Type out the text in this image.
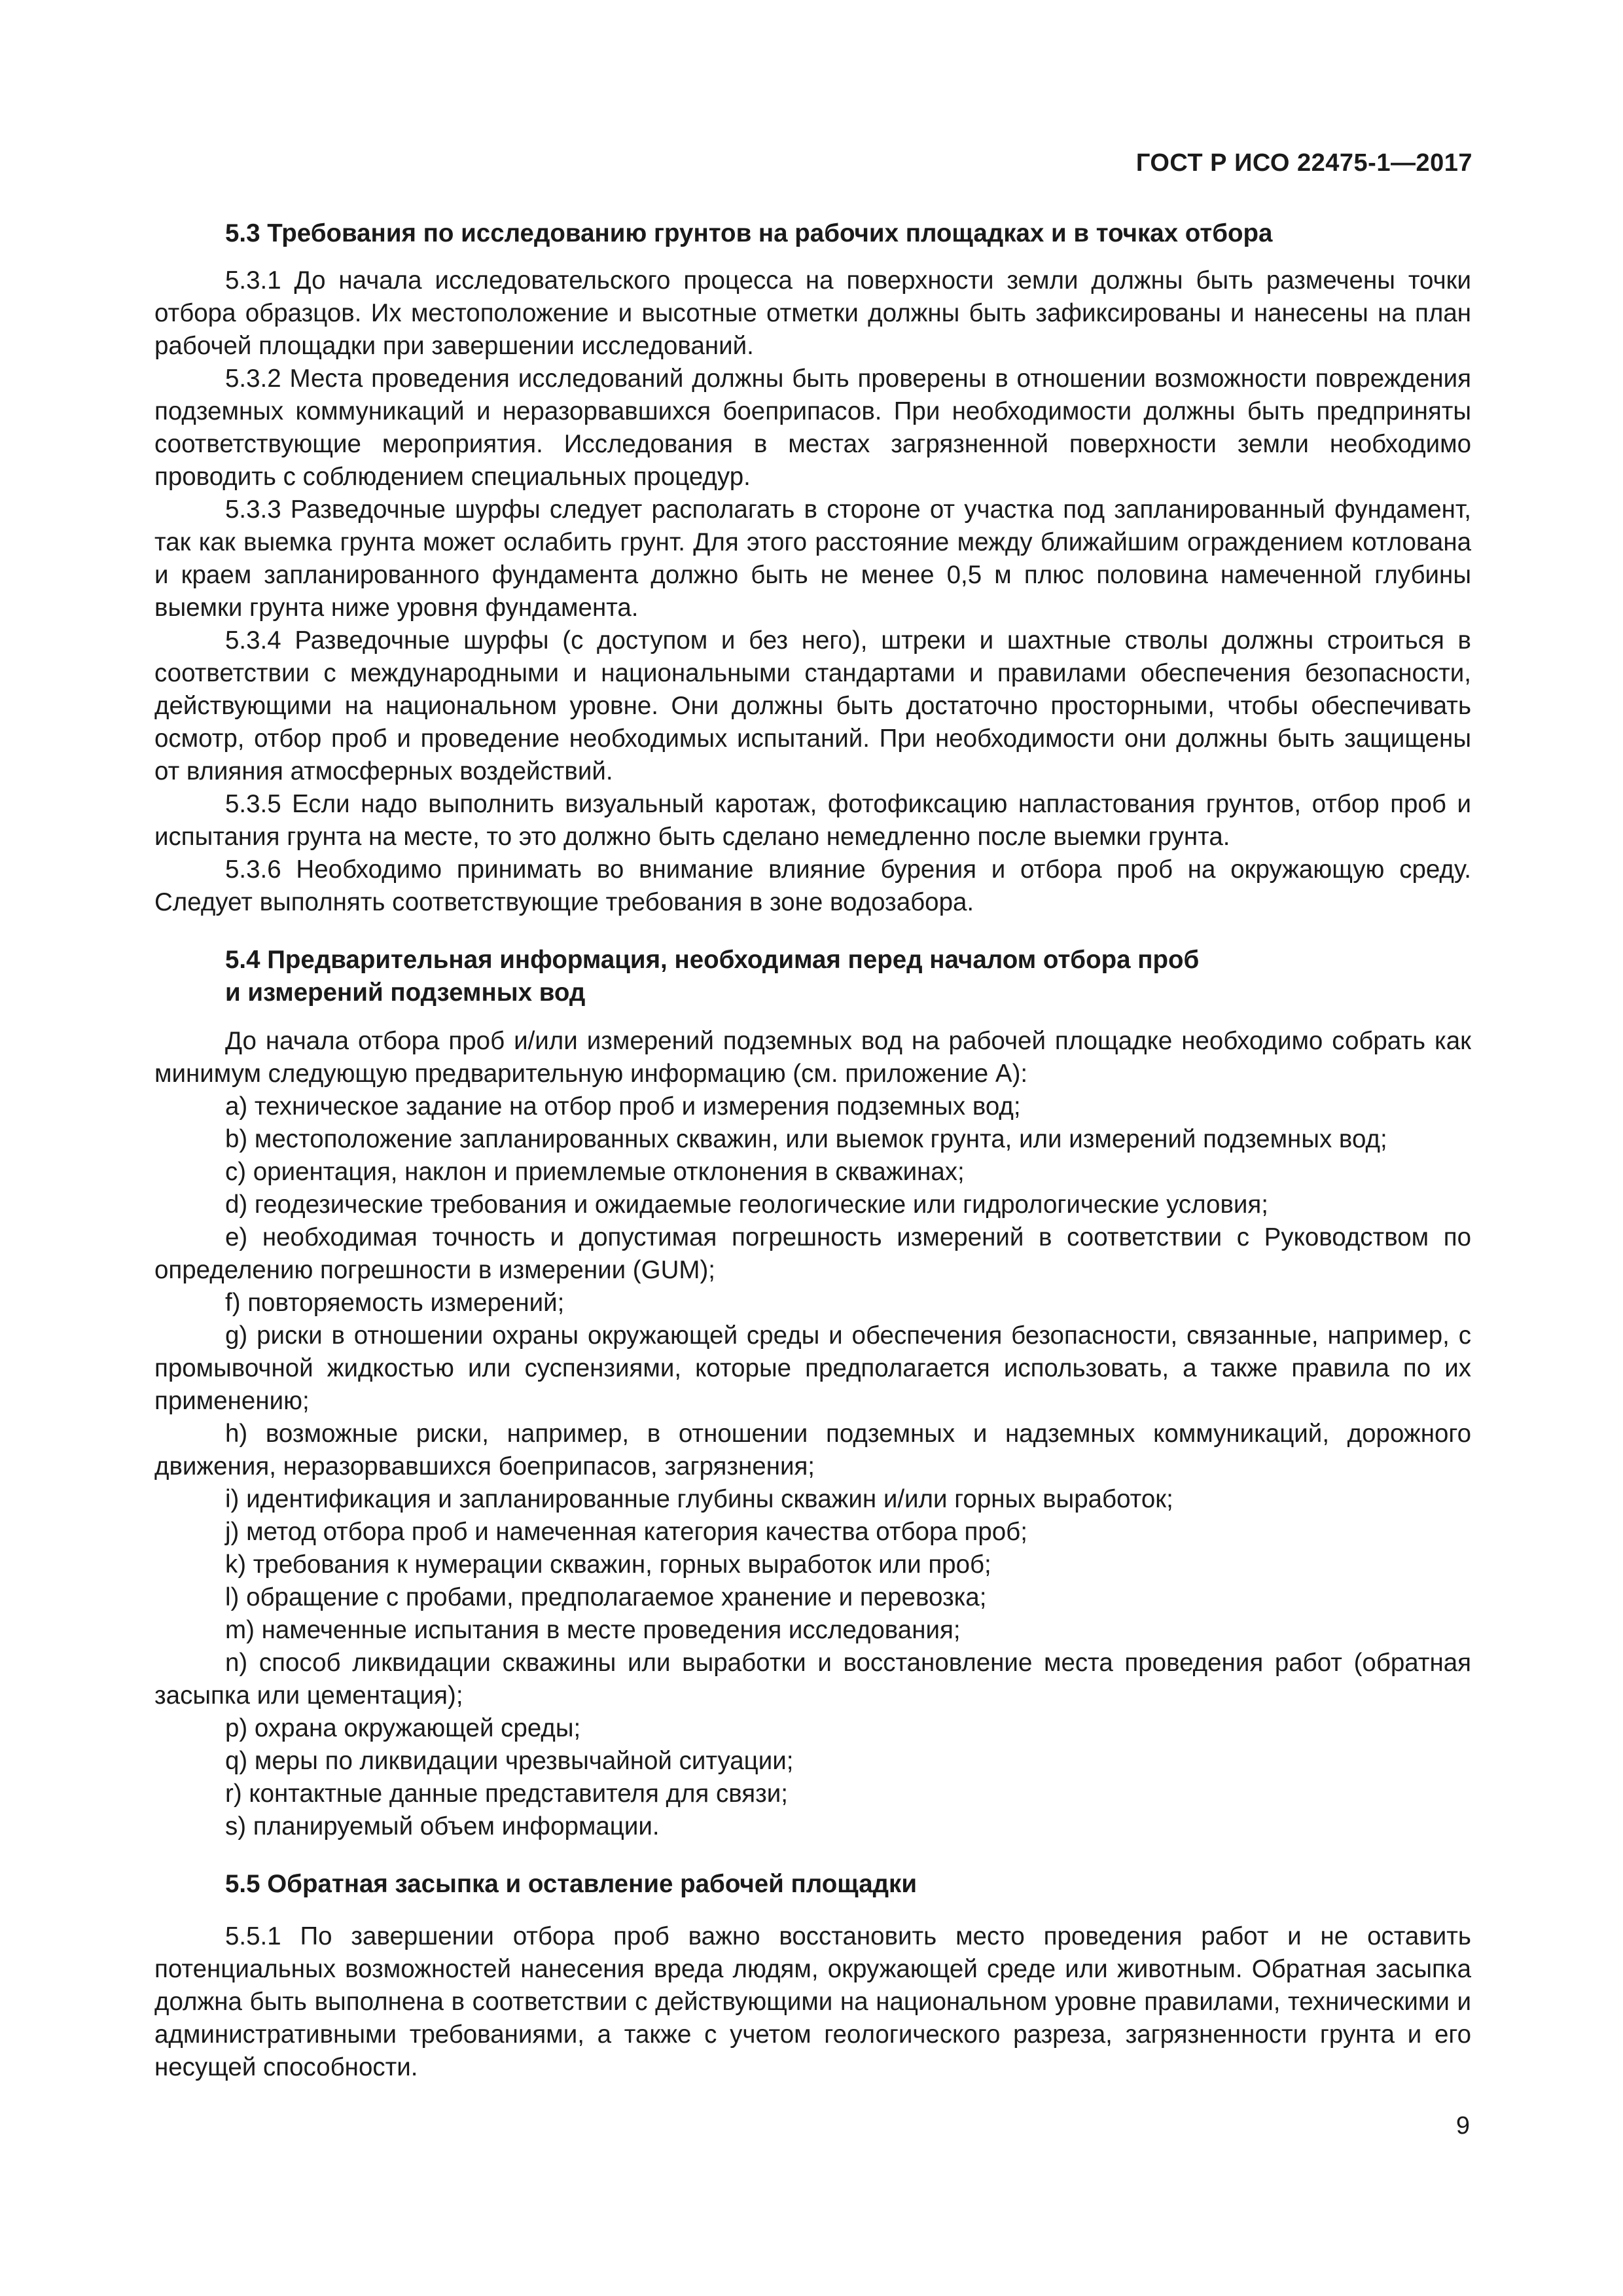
ГОСТ Р ИСО 22475-1—2017

5.3 Требования по исследованию грунтов на рабочих площадках и в точках отбора

5.3.1 До начала исследовательского процесса на поверхности земли должны быть размечены точки отбора образцов. Их местоположение и высотные отметки должны быть зафиксированы и нанесены на план рабочей площадки при завершении исследований.

5.3.2 Места проведения исследований должны быть проверены в отношении возможности повреждения подземных коммуникаций и неразорвавшихся боеприпасов. При необходимости должны быть предприняты соответствующие мероприятия. Исследования в местах загрязненной поверхности земли необходимо проводить с соблюдением специальных процедур.

5.3.3 Разведочные шурфы следует располагать в стороне от участка под запланированный фундамент, так как выемка грунта может ослабить грунт. Для этого расстояние между ближайшим ограждением котлована и краем запланированного фундамента должно быть не менее 0,5 м плюс половина намеченной глубины выемки грунта ниже уровня фундамента.

5.3.4 Разведочные шурфы (с доступом и без него), штреки и шахтные стволы должны строиться в соответствии с международными и национальными стандартами и правилами обеспечения безопасности, действующими на национальном уровне. Они должны быть достаточно просторными, чтобы обеспечивать осмотр, отбор проб и проведение необходимых испытаний. При необходимости они должны быть защищены от влияния атмосферных воздействий.

5.3.5 Если надо выполнить визуальный каротаж, фотофиксацию напластования грунтов, отбор проб и испытания грунта на месте, то это должно быть сделано немедленно после выемки грунта.

5.3.6 Необходимо принимать во внимание влияние бурения и отбора проб на окружающую среду. Следует выполнять соответствующие требования в зоне водозабора.

5.4 Предварительная информация, необходимая перед началом отбора проб
и измерений подземных вод

До начала отбора проб и/или измерений подземных вод на рабочей площадке необходимо собрать как минимум следующую предварительную информацию (см. приложение А):

a) техническое задание на отбор проб и измерения подземных вод;

b) местоположение запланированных скважин, или выемок грунта, или измерений подземных вод;

c) ориентация, наклон и приемлемые отклонения в скважинах;

d) геодезические требования и ожидаемые геологические или гидрологические условия;

e) необходимая точность и допустимая погрешность измерений в соответствии с Руководством по определению погрешности в измерении (GUM);

f) повторяемость измерений;

g) риски в отношении охраны окружающей среды и обеспечения безопасности, связанные, например, с промывочной жидкостью или суспензиями, которые предполагается использовать, а также правила по их применению;

h) возможные риски, например, в отношении подземных и надземных коммуникаций, дорожного движения, неразорвавшихся боеприпасов, загрязнения;

i) идентификация и запланированные глубины скважин и/или горных выработок;

j) метод отбора проб и намеченная категория качества отбора проб;

k) требования к нумерации скважин, горных выработок или проб;

l) обращение с пробами, предполагаемое хранение и перевозка;

m) намеченные испытания в месте проведения исследования;

n) способ ликвидации скважины или выработки и восстановление места проведения работ (обратная засыпка или цементация);

p) охрана окружающей среды;

q) меры по ликвидации чрезвычайной ситуации;

r) контактные данные представителя для связи;

s) планируемый объем информации.

5.5 Обратная засыпка и оставление рабочей площадки

5.5.1 По завершении отбора проб важно восстановить место проведения работ и не оставить потенциальных возможностей нанесения вреда людям, окружающей среде или животным. Обратная засыпка должна быть выполнена в соответствии с действующими на национальном уровне правилами, техническими и административными требованиями, а также с учетом геологического разреза, загрязненности грунта и его несущей способности.

9
